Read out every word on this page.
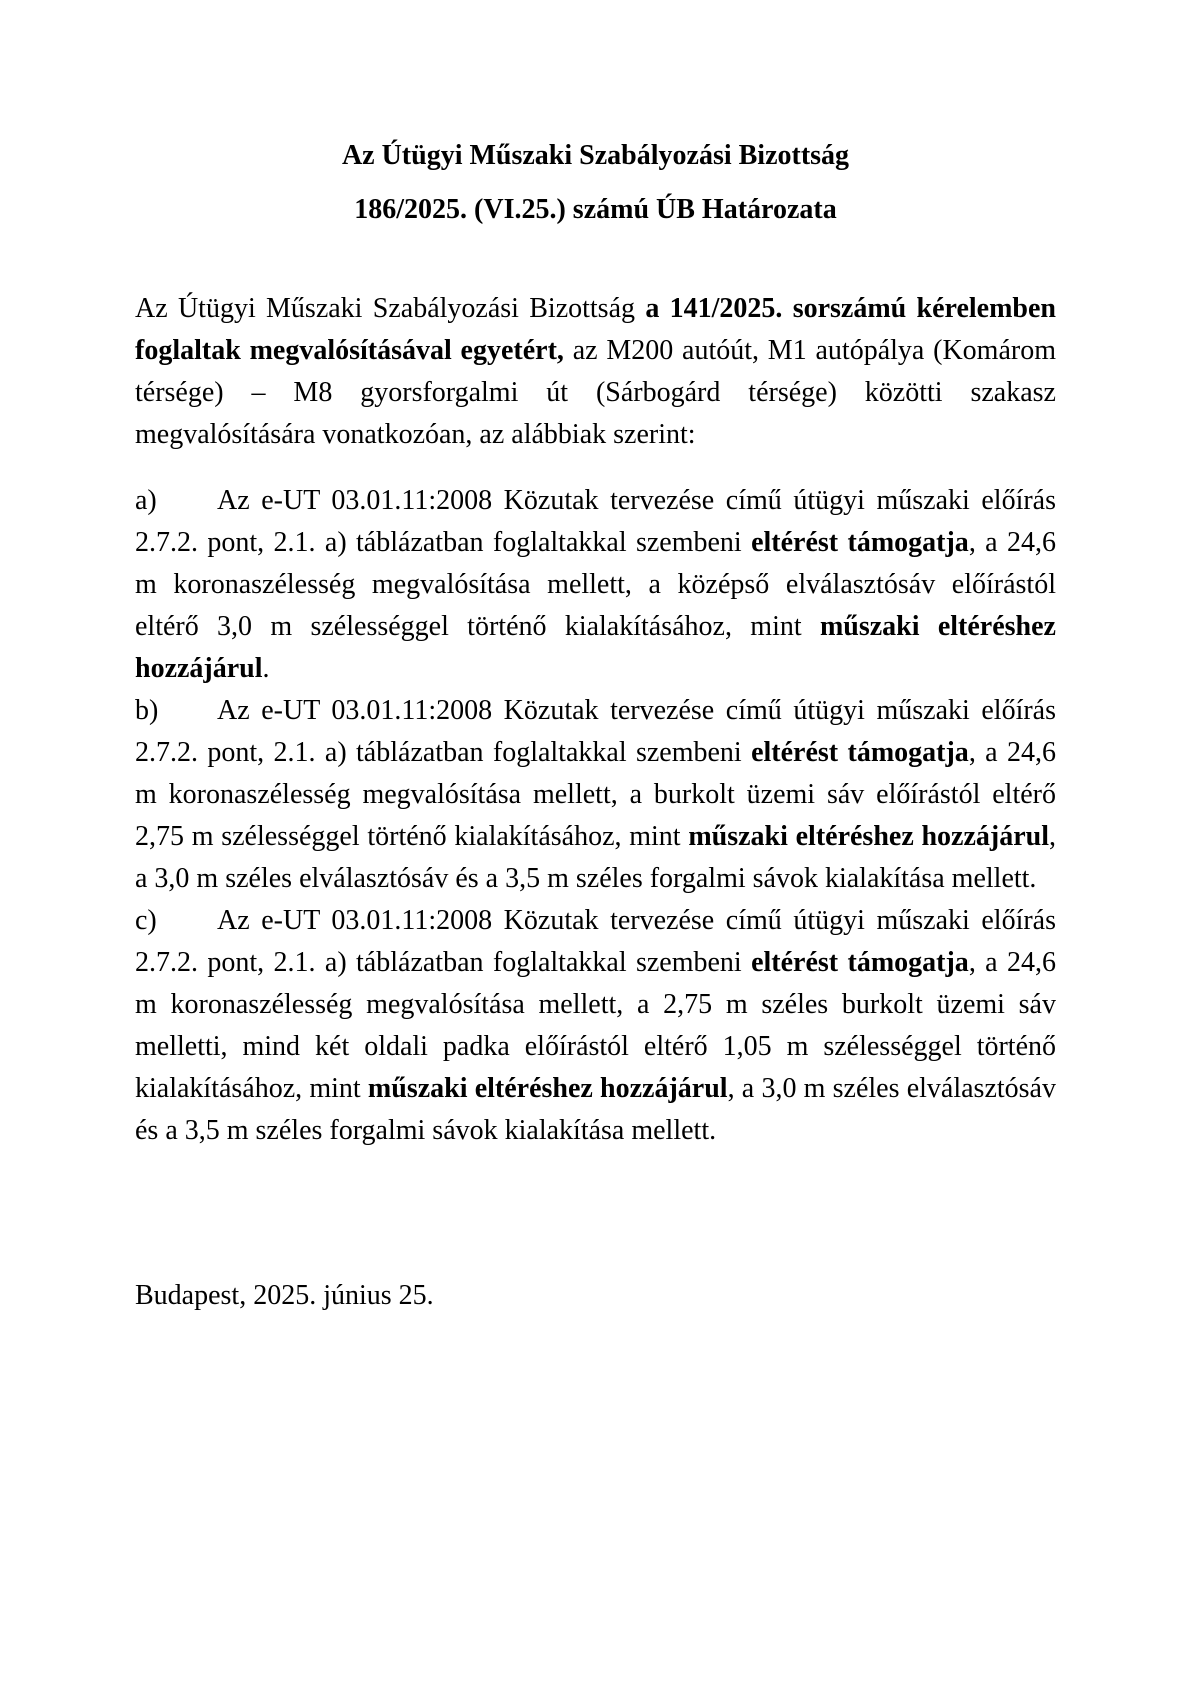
Az Útügyi Műszaki Szabályozási Bizottság
186/2025. (VI.25.) számú ÚB Határozata

Az Útügyi Műszaki Szabályozási Bizottság a 141/2025. sorszámú kérelemben foglaltak megvalósításával egyetért, az M200 autóút, M1 autópálya (Komárom térsége) – M8 gyorsforgalmi út (Sárbogárd térsége) közötti szakasz megvalósítására vonatkozóan, az alábbiak szerint:

a) Az e-UT 03.01.11:2008 Közutak tervezése című útügyi műszaki előírás 2.7.2. pont, 2.1. a) táblázatban foglaltakkal szembeni eltérést támogatja, a 24,6 m koronaszélesség megvalósítása mellett, a középső elválasztósáv előírástól eltérő 3,0 m szélességgel történő kialakításához, mint műszaki eltéréshez hozzájárul.

b) Az e-UT 03.01.11:2008 Közutak tervezése című útügyi műszaki előírás 2.7.2. pont, 2.1. a) táblázatban foglaltakkal szembeni eltérést támogatja, a 24,6 m koronaszélesség megvalósítása mellett, a burkolt üzemi sáv előírástól eltérő 2,75 m szélességgel történő kialakításához, mint műszaki eltéréshez hozzájárul, a 3,0 m széles elválasztósáv és a 3,5 m széles forgalmi sávok kialakítása mellett.

c) Az e-UT 03.01.11:2008 Közutak tervezése című útügyi műszaki előírás 2.7.2. pont, 2.1. a) táblázatban foglaltakkal szembeni eltérést támogatja, a 24,6 m koronaszélesség megvalósítása mellett, a 2,75 m széles burkolt üzemi sáv melletti, mind két oldali padka előírástól eltérő 1,05 m szélességgel történő kialakításához, mint műszaki eltéréshez hozzájárul, a 3,0 m széles elválasztósáv és a 3,5 m széles forgalmi sávok kialakítása mellett.

Budapest, 2025. június 25.
